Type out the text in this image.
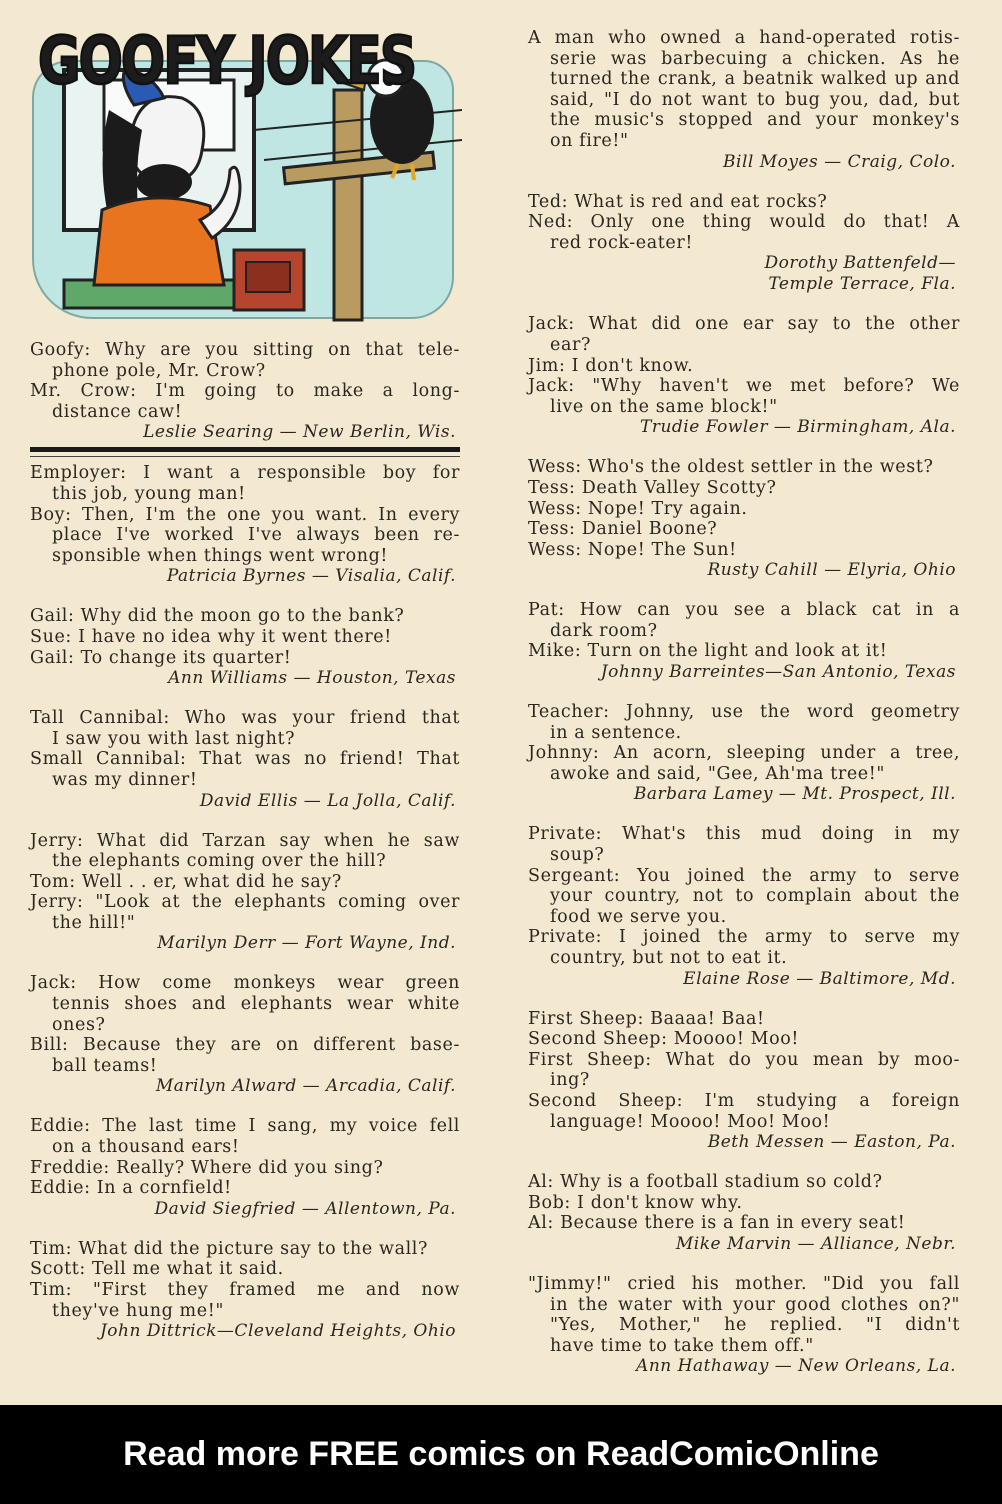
GOOFY JOKES
Goofy: Why are you sitting on that tele-
phone pole, Mr. Crow?
Mr. Crow: I'm going to make a long-
distance caw!
Leslie Searing — New Berlin, Wis.
Employer: I want a responsible boy for
this job, young man!
Boy: Then, I'm the one you want. In every
place I've worked I've always been re-
sponsible when things went wrong!
Patricia Byrnes — Visalia, Calif.
Gail: Why did the moon go to the bank?
Sue: I have no idea why it went there!
Gail: To change its quarter!
Ann Williams — Houston, Texas
Tall Cannibal: Who was your friend that
I saw you with last night?
Small Cannibal: That was no friend! That
was my dinner!
David Ellis — La Jolla, Calif.
Jerry: What did Tarzan say when he saw
the elephants coming over the hill?
Tom: Well . . er, what did he say?
Jerry: "Look at the elephants coming over
the hill!"
Marilyn Derr — Fort Wayne, Ind.
Jack: How come monkeys wear green
tennis shoes and elephants wear white
ones?
Bill: Because they are on different base-
ball teams!
Marilyn Alward — Arcadia, Calif.
Eddie: The last time I sang, my voice fell
on a thousand ears!
Freddie: Really? Where did you sing?
Eddie: In a cornfield!
David Siegfried — Allentown, Pa.
Tim: What did the picture say to the wall?
Scott: Tell me what it said.
Tim: "First they framed me and now
they've hung me!"
John Dittrick—Cleveland Heights, Ohio
A man who owned a hand-operated rotis-
serie was barbecuing a chicken. As he
turned the crank, a beatnik walked up and
said, "I do not want to bug you, dad, but
the music's stopped and your monkey's
on fire!"
Bill Moyes — Craig, Colo.
Ted: What is red and eat rocks?
Ned: Only one thing would do that! A
red rock-eater!
Dorothy Battenfeld—
Temple Terrace, Fla.
Jack: What did one ear say to the other
ear?
Jim: I don't know.
Jack: "Why haven't we met before? We
live on the same block!"
Trudie Fowler — Birmingham, Ala.
Wess: Who's the oldest settler in the west?
Tess: Death Valley Scotty?
Wess: Nope! Try again.
Tess: Daniel Boone?
Wess: Nope! The Sun!
Rusty Cahill — Elyria, Ohio
Pat: How can you see a black cat in a
dark room?
Mike: Turn on the light and look at it!
Johnny Barreintes—San Antonio, Texas
Teacher: Johnny, use the word geometry
in a sentence.
Johnny: An acorn, sleeping under a tree,
awoke and said, "Gee, Ah'ma tree!"
Barbara Lamey — Mt. Prospect, Ill.
Private: What's this mud doing in my
soup?
Sergeant: You joined the army to serve
your country, not to complain about the
food we serve you.
Private: I joined the army to serve my
country, but not to eat it.
Elaine Rose — Baltimore, Md.
First Sheep: Baaaa! Baa!
Second Sheep: Moooo! Moo!
First Sheep: What do you mean by moo-
ing?
Second Sheep: I'm studying a foreign
language! Moooo! Moo! Moo!
Beth Messen — Easton, Pa.
Al: Why is a football stadium so cold?
Bob: I don't know why.
Al: Because there is a fan in every seat!
Mike Marvin — Alliance, Nebr.
"Jimmy!" cried his mother. "Did you fall
in the water with your good clothes on?"
"Yes, Mother," he replied. "I didn't
have time to take them off."
Ann Hathaway — New Orleans, La.
Read more FREE comics on ReadComicOnline
